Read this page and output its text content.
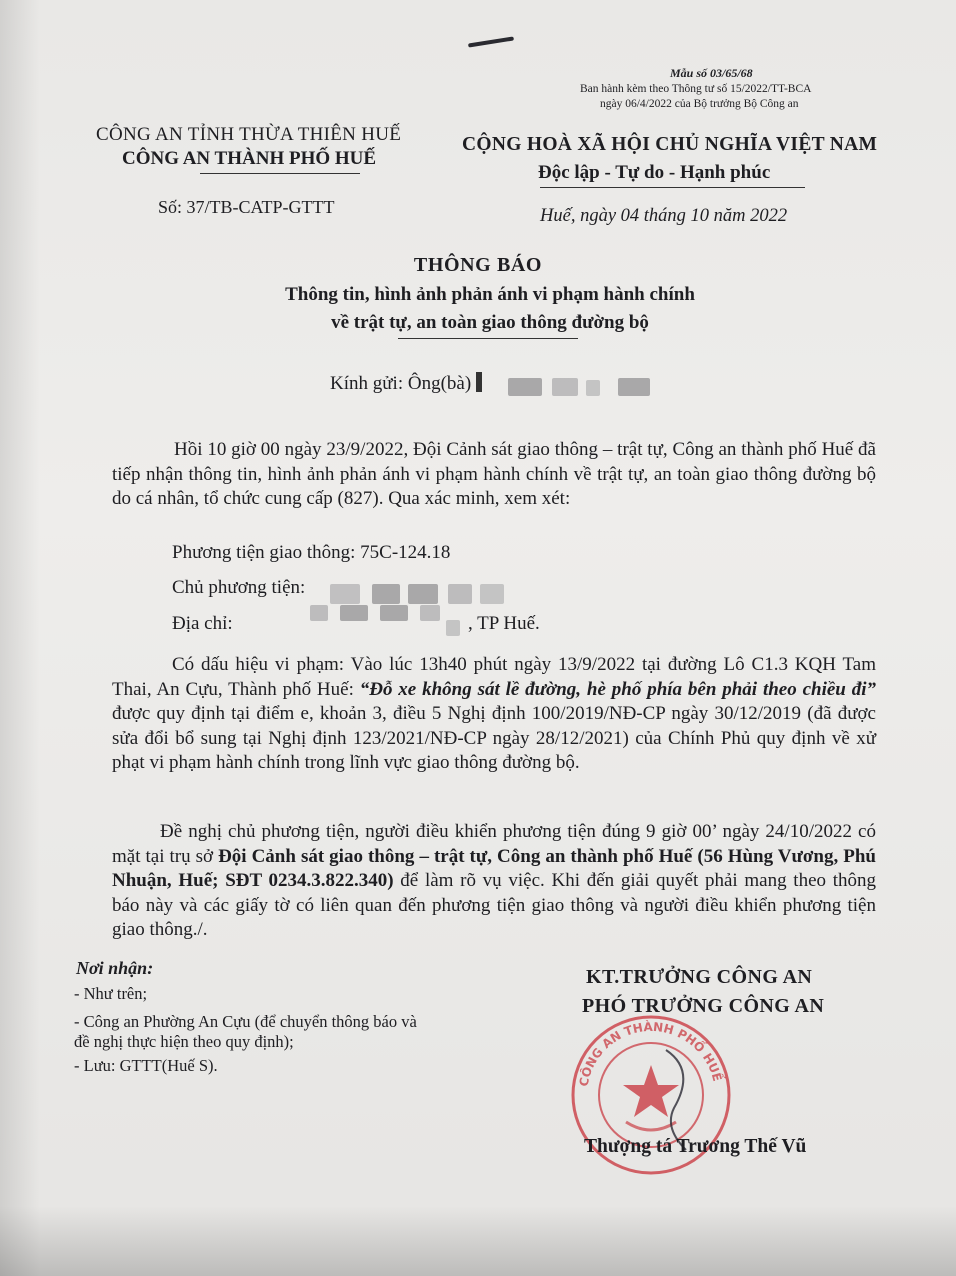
Mẫu số 03/65/68
Ban hành kèm theo Thông tư số 15/2022/TT-BCA
ngày 06/4/2022 của Bộ trưởng Bộ Công an
CÔNG AN TỈNH THỪA THIÊN HUẾ
CÔNG AN THÀNH PHỐ HUẾ
Số: 37/TB-CATP-GTTT
CỘNG HOÀ XÃ HỘI CHỦ NGHĨA VIỆT NAM
Độc lập - Tự do - Hạnh phúc
Huế, ngày 04 tháng 10 năm 2022
THÔNG BÁO
Thông tin, hình ảnh phản ánh vi phạm hành chính
về trật tự, an toàn giao thông đường bộ
Kính gửi: Ông(bà)
Hồi 10 giờ 00 ngày 23/9/2022, Đội Cảnh sát giao thông – trật tự, Công an thành phố Huế đã tiếp nhận thông tin, hình ảnh phản ánh vi phạm hành chính về trật tự, an toàn giao thông đường bộ do cá nhân, tổ chức cung cấp (827). Qua xác minh, xem xét:
Phương tiện giao thông: 75C-124.18
Chủ phương tiện:
Địa chỉ:	, TP Huế.
Có dấu hiệu vi phạm: Vào lúc 13h40 phút ngày 13/9/2022 tại đường Lô C1.3 KQH Tam Thai, An Cựu, Thành phố Huế: “Đỗ xe không sát lề đường, hè phố phía bên phải theo chiều đi” được quy định tại điểm e, khoản 3, điều 5 Nghị định 100/2019/NĐ-CP ngày 30/12/2019 (đã được sửa đổi bổ sung tại Nghị định 123/2021/NĐ-CP ngày 28/12/2021) của Chính Phủ quy định về xử phạt vi phạm hành chính trong lĩnh vực giao thông đường bộ.
Đề nghị chủ phương tiện, người điều khiển phương tiện đúng 9 giờ 00’ ngày 24/10/2022 có mặt tại trụ sở Đội Cảnh sát giao thông – trật tự, Công an thành phố Huế (56 Hùng Vương, Phú Nhuận, Huế; SĐT 0234.3.822.340) để làm rõ vụ việc. Khi đến giải quyết phải mang theo thông báo này và các giấy tờ có liên quan đến phương tiện giao thông và người điều khiển phương tiện giao thông./.
Nơi nhận:
- Như trên;
- Công an Phường An Cựu (để chuyển thông báo và
đề nghị thực hiện theo quy định);
- Lưu: GTTT(Huế S).
KT.TRƯỞNG CÔNG AN
PHÓ TRƯỞNG CÔNG AN
CÔNG AN THÀNH PHỐ HUẾ
Thượng tá Trương Thế Vũ
